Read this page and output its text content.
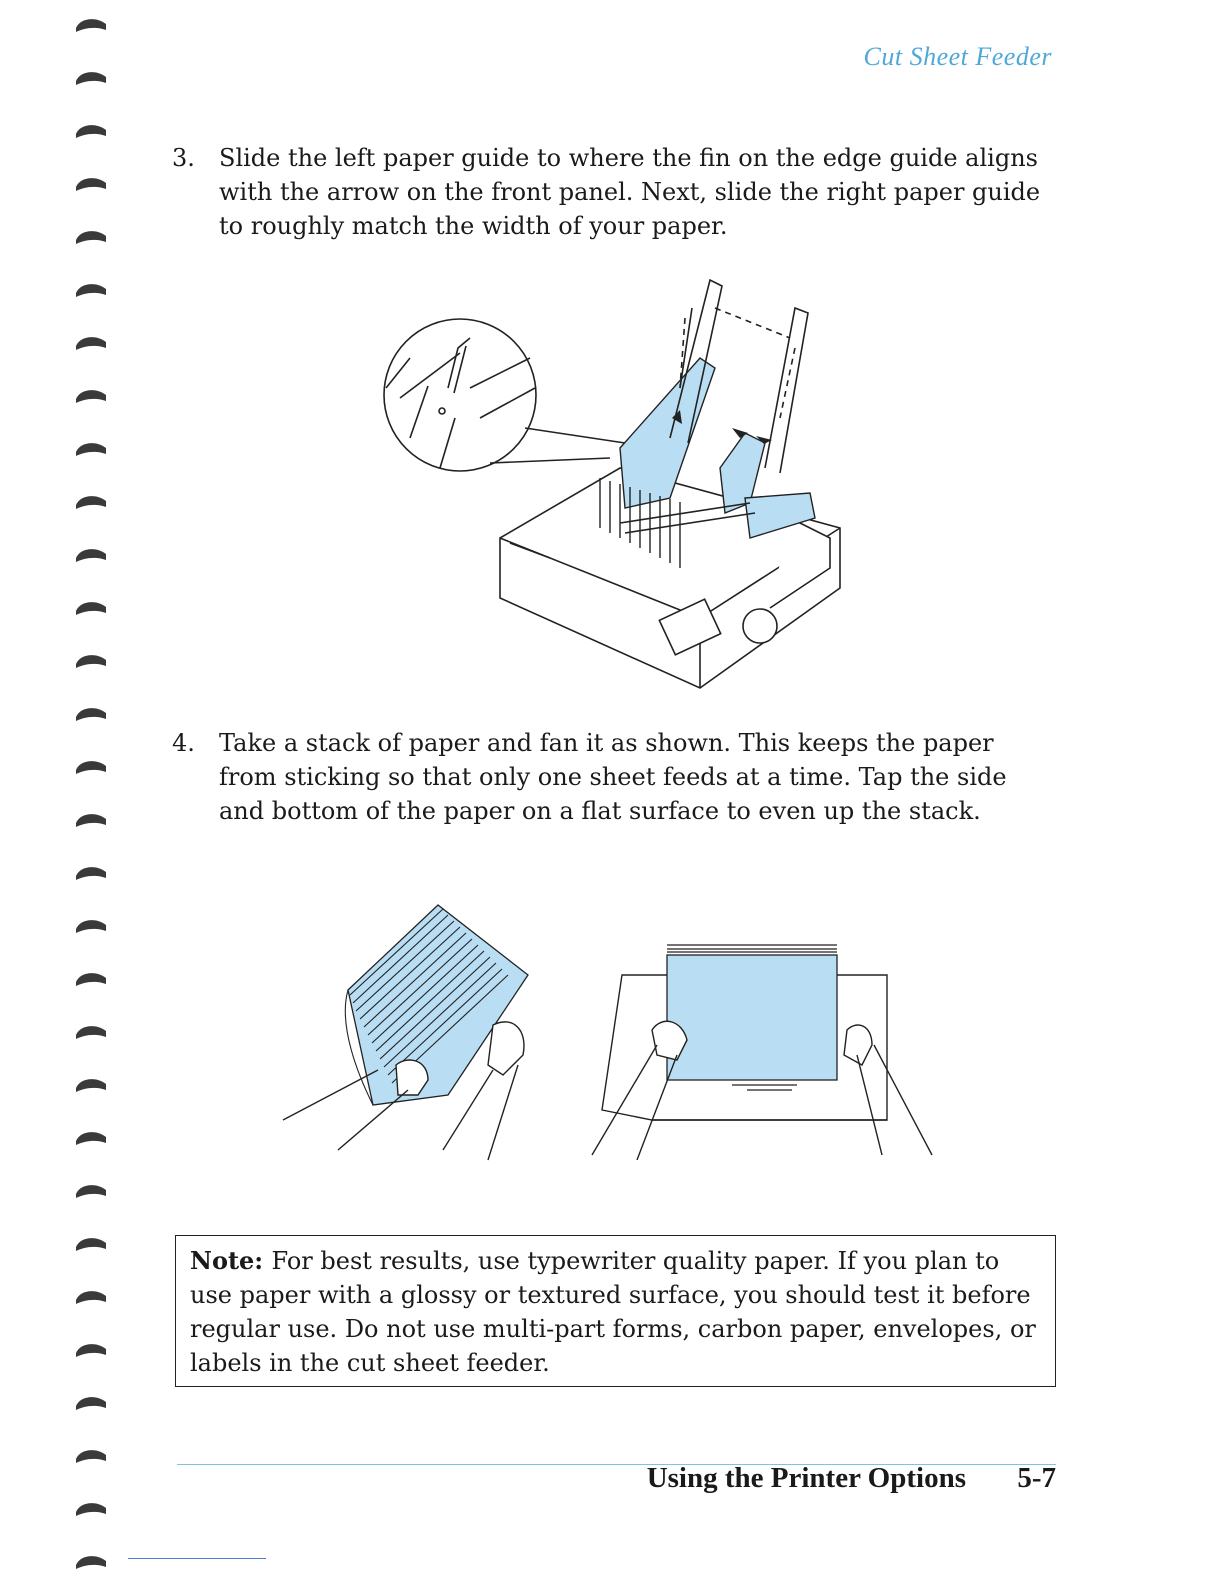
Cut Sheet Feeder
3. Slide the left paper guide to where the fin on the edge guide aligns with the arrow on the front panel. Next, slide the right paper guide to roughly match the width of your paper.
4. Take a stack of paper and fan it as shown. This keeps the paper from sticking so that only one sheet feeds at a time. Tap the side and bottom of the paper on a flat surface to even up the stack.
Note: For best results, use typewriter quality paper. If you plan to use paper with a glossy or textured surface, you should test it before regular use. Do not use multi-part forms, carbon paper, envelopes, or labels in the cut sheet feeder.
Using the Printer Options 5-7
